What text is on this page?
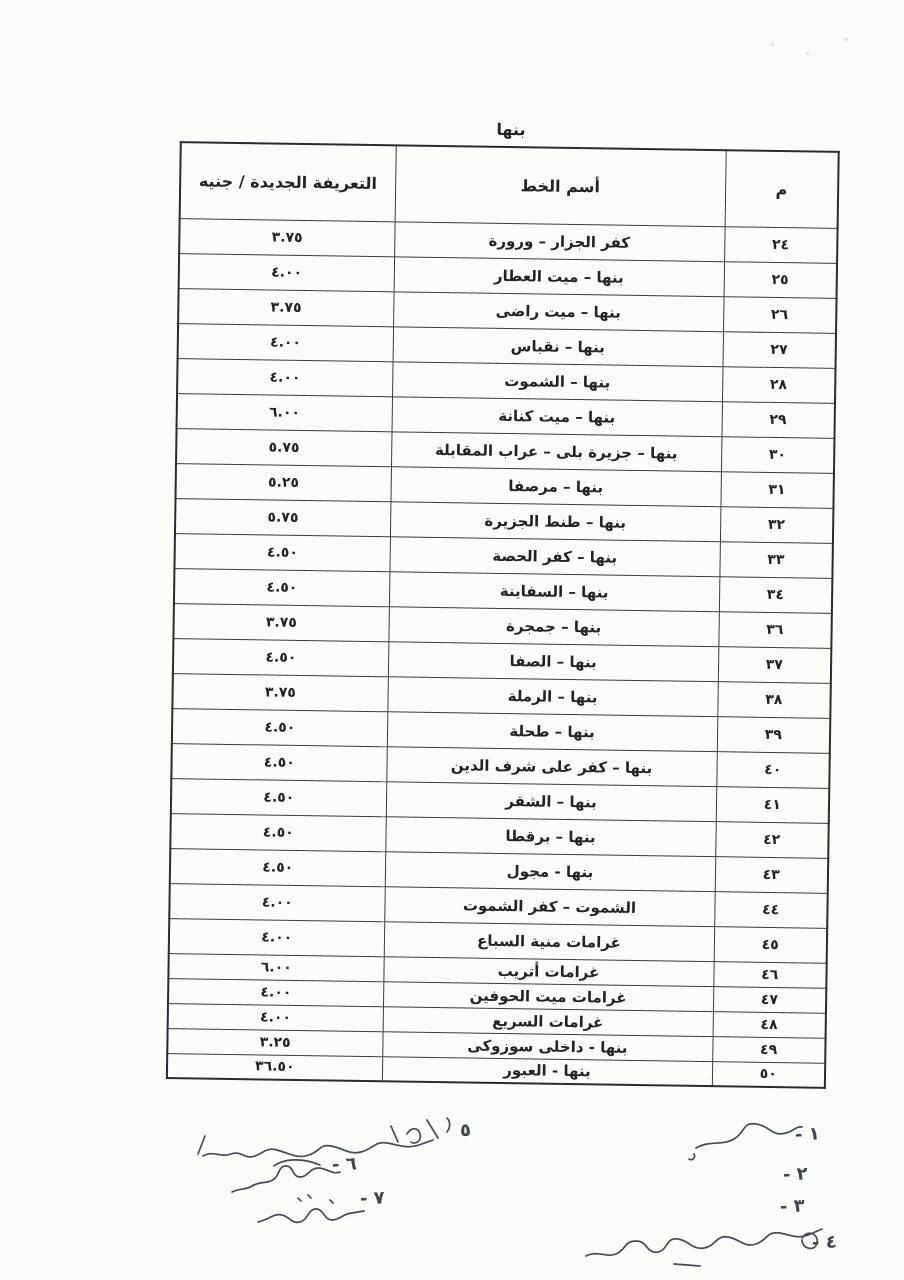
بنها
م	أسم الخط	التعريفة الجديدة / جنيه
٢٤	كفر الجزار – ورورة	٣.٧٥
٢٥	بنها – ميت العطار	٤.٠٠
٢٦	بنها – ميت راضى	٣.٧٥
٢٧	بنها – نقباس	٤.٠٠
٢٨	بنها – الشموت	٤.٠٠
٢٩	بنها – ميت كنانة	٦.٠٠
٣٠	بنها – جزيرة بلى – عراب المقابلة	٥.٧٥
٣١	بنها – مرصفا	٥.٢٥
٣٢	بنها – طنط الجزيرة	٥.٧٥
٣٣	بنها – كفر الحصة	٤.٥٠
٣٤	بنها – السفاينة	٤.٥٠
٣٦	بنها – جمجرة	٣.٧٥
٣٧	بنها – الصفا	٤.٥٠
٣٨	بنها – الرملة	٣.٧٥
٣٩	بنها – طحلة	٤.٥٠
٤٠	بنها – كفر على شرف الدين	٤.٥٠
٤١	بنها – الشقر	٤.٥٠
٤٢	بنها – برقطا	٤.٥٠
٤٣	بنها - مجول	٤.٥٠
٤٤	الشموت – كفر الشموت	٤.٠٠
٤٥	غرامات منية السباع	٤.٠٠
٤٦	غرامات أتريب	٦.٠٠
٤٧	غرامات ميت الحوفين	٤.٠٠
٤٨	غرامات السريع	٤.٠٠
٤٩	بنها - داخلى سوزوكى	٣.٢٥
٥٠	بنها - العبور	٣٦.٥٠
٥
٦ -
٧ -
١ -
٢ -
٣ -
٤ -
